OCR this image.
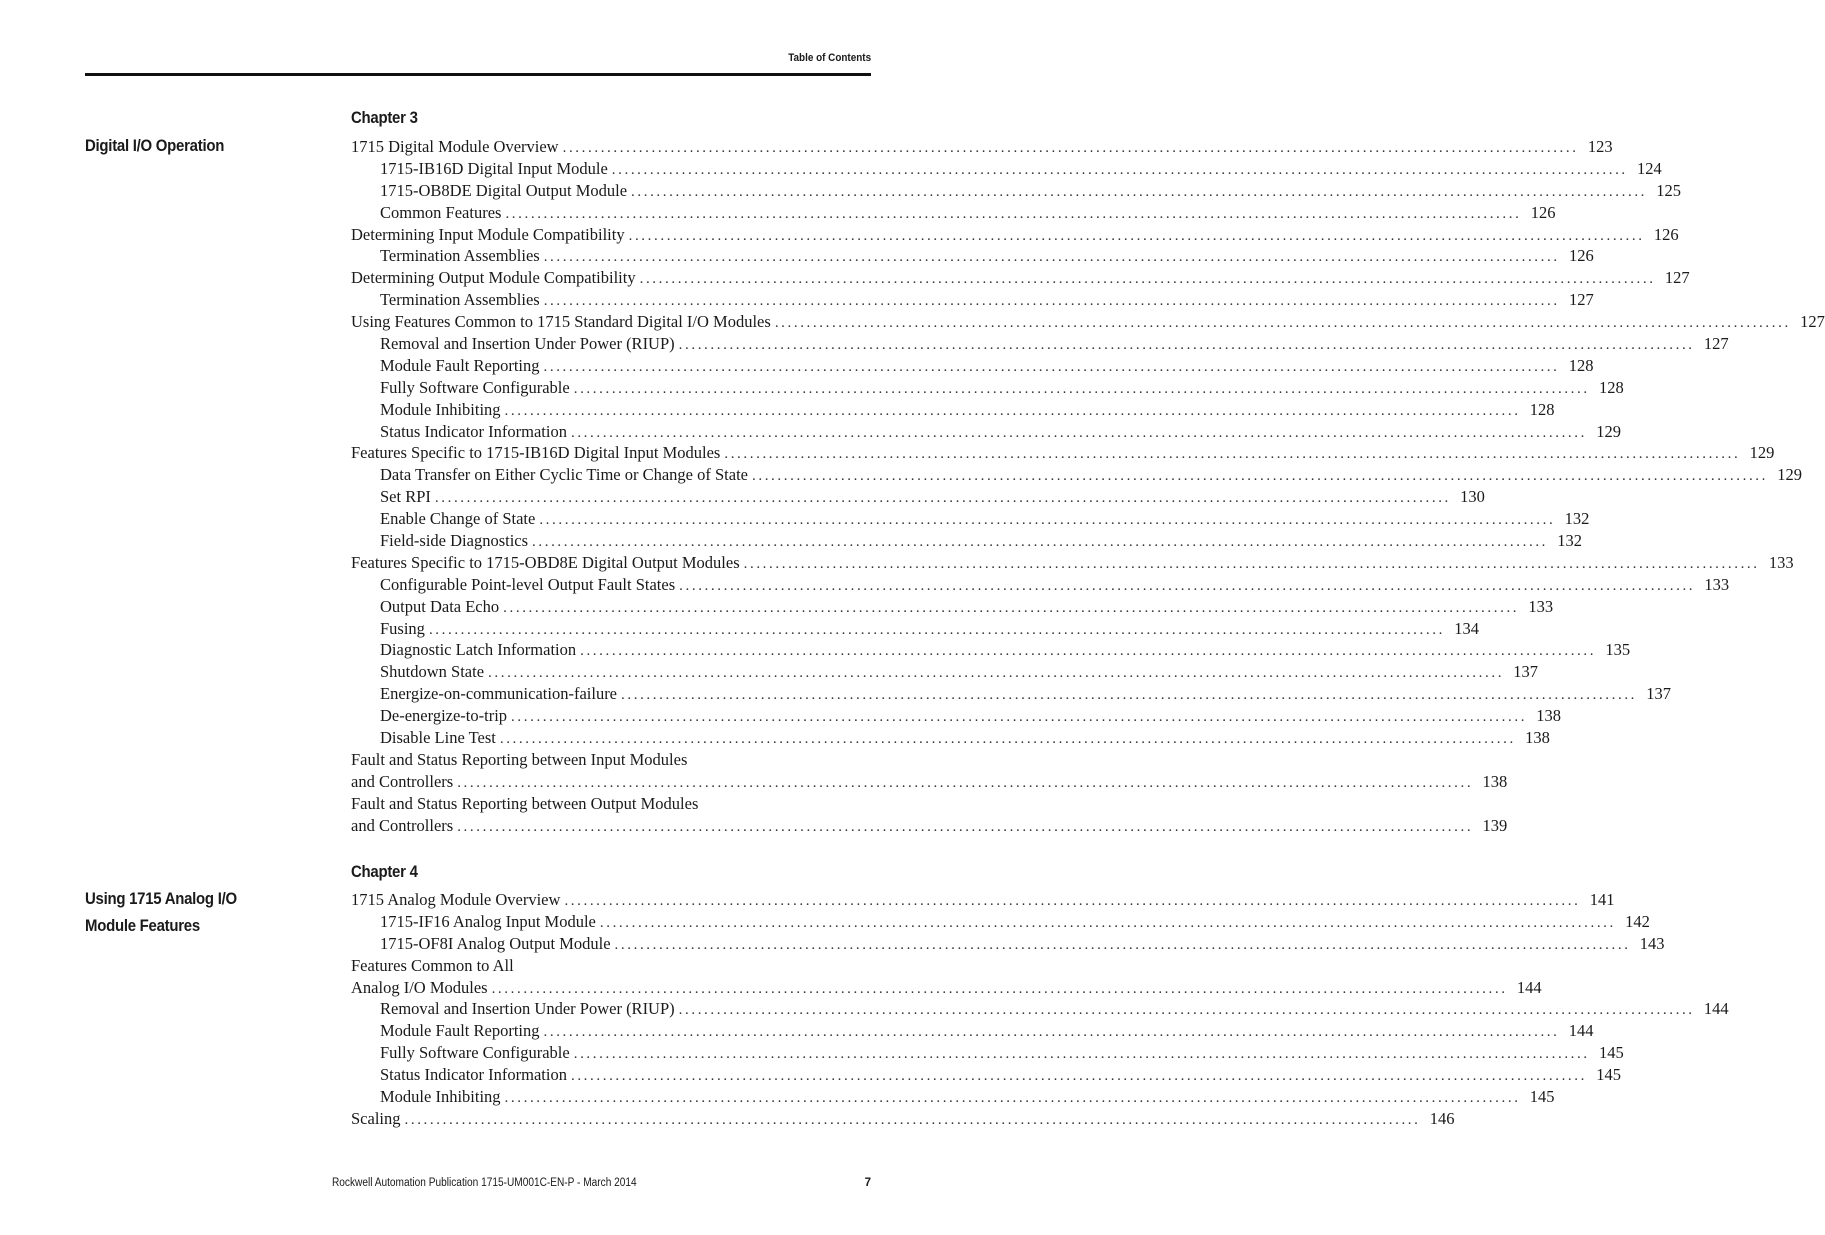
Table of Contents
Digital I/O Operation
Chapter 3
1715 Digital Module Overview ................................................................................................................................................................ 123
1715-IB16D Digital Input Module ................................................................................................................................................................ 124
1715-OB8DE Digital Output Module ................................................................................................................................................................ 125
Common Features ................................................................................................................................................................ 126
Determining Input Module Compatibility ................................................................................................................................................................ 126
Termination Assemblies ................................................................................................................................................................ 126
Determining Output Module Compatibility ................................................................................................................................................................ 127
Termination Assemblies ................................................................................................................................................................ 127
Using Features Common to 1715 Standard Digital I/O Modules ................................................................................................................................................................ 127
Removal and Insertion Under Power (RIUP) ................................................................................................................................................................ 127
Module Fault Reporting ................................................................................................................................................................ 128
Fully Software Configurable ................................................................................................................................................................ 128
Module Inhibiting ................................................................................................................................................................ 128
Status Indicator Information ................................................................................................................................................................ 129
Features Specific to 1715-IB16D Digital Input Modules ................................................................................................................................................................ 129
Data Transfer on Either Cyclic Time or Change of State ................................................................................................................................................................ 129
Set RPI ................................................................................................................................................................ 130
Enable Change of State ................................................................................................................................................................ 132
Field-side Diagnostics ................................................................................................................................................................ 132
Features Specific to 1715-OBD8E Digital Output Modules ................................................................................................................................................................ 133
Configurable Point-level Output Fault States ................................................................................................................................................................ 133
Output Data Echo ................................................................................................................................................................ 133
Fusing ................................................................................................................................................................ 134
Diagnostic Latch Information ................................................................................................................................................................ 135
Shutdown State ................................................................................................................................................................ 137
Energize-on-communication-failure ................................................................................................................................................................ 137
De-energize-to-trip ................................................................................................................................................................ 138
Disable Line Test ................................................................................................................................................................ 138
Fault and Status Reporting between Input Modules
and Controllers ................................................................................................................................................................ 138
Fault and Status Reporting between Output Modules
and Controllers ................................................................................................................................................................ 139
Using 1715 Analog I/O
Module Features
Chapter 4
1715 Analog Module Overview ................................................................................................................................................................ 141
1715-IF16 Analog Input Module ................................................................................................................................................................ 142
1715-OF8I Analog Output Module ................................................................................................................................................................ 143
Features Common to All
Analog I/O Modules ................................................................................................................................................................ 144
Removal and Insertion Under Power (RIUP) ................................................................................................................................................................ 144
Module Fault Reporting ................................................................................................................................................................ 144
Fully Software Configurable ................................................................................................................................................................ 145
Status Indicator Information ................................................................................................................................................................ 145
Module Inhibiting ................................................................................................................................................................ 145
Scaling ................................................................................................................................................................ 146
Rockwell Automation Publication 1715-UM001C-EN-P - March 2014	7
